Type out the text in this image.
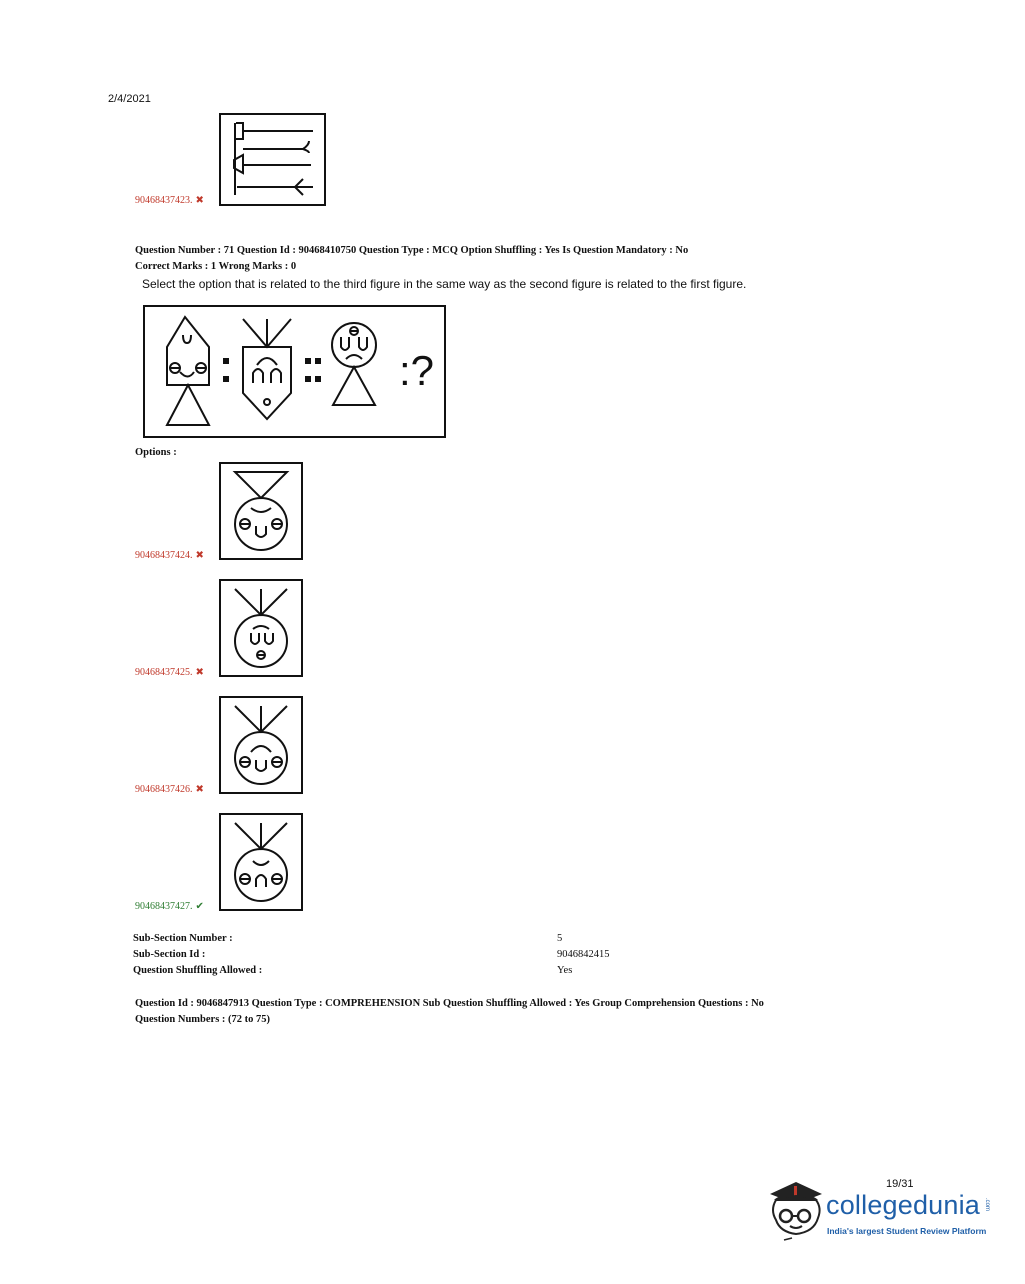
2/4/2021
90468437423. ✖
Question Number : 71 Question Id : 90468410750 Question Type : MCQ Option Shuffling : Yes Is Question Mandatory : No
Correct Marks : 1 Wrong Marks : 0
Select the option that is related to the third figure in the same way as the second figure is related to the first figure.
:?
Options :
90468437424. ✖
90468437425. ✖
90468437426. ✖
90468437427. ✔
Sub-Section Number :
Sub-Section Id :
Question Shuffling Allowed :
5
9046842415
Yes
Question Id : 9046847913 Question Type : COMPREHENSION Sub Question Shuffling Allowed : Yes Group Comprehension Questions : No
Question Numbers : (72 to 75)
19/31
collegedunia .com
India's largest Student Review Platform
